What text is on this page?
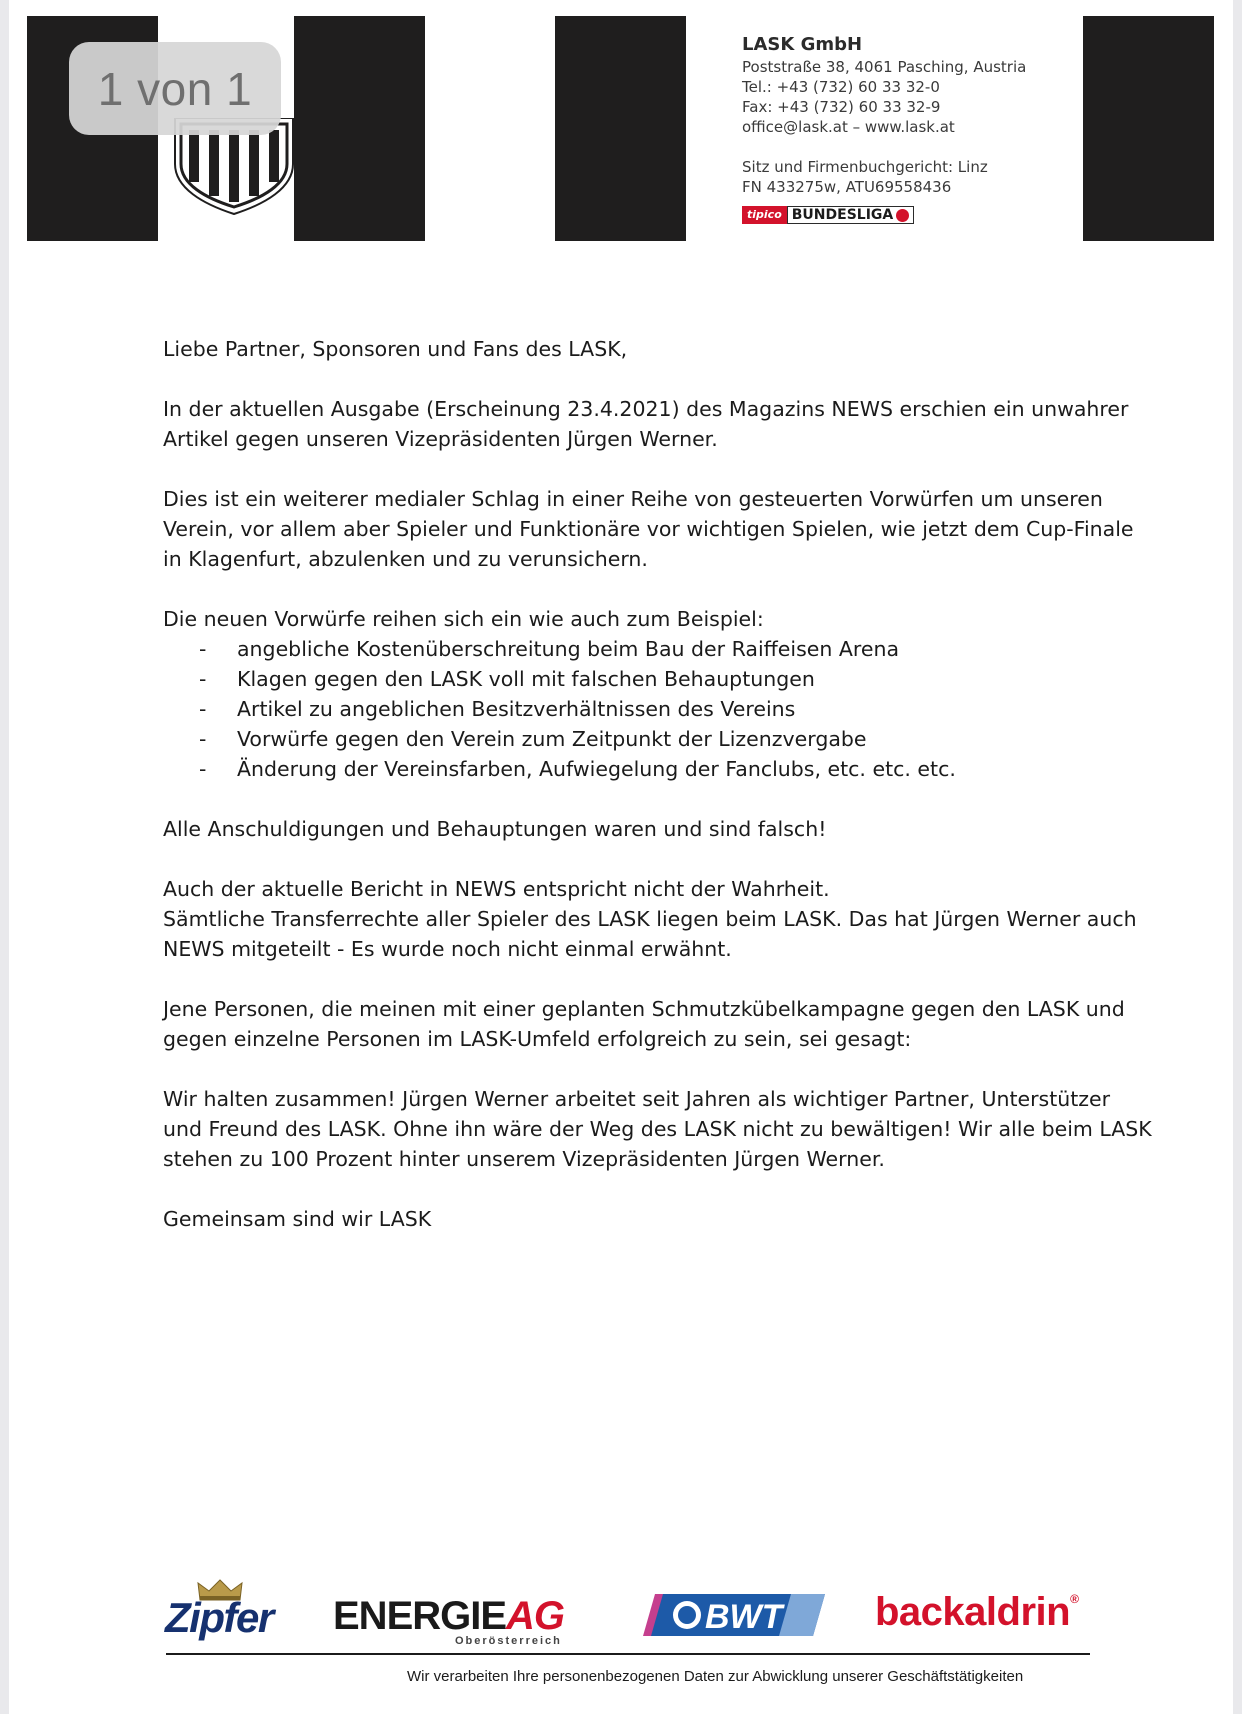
1 von 1
LASK GmbH
Poststraße 38, 4061 Pasching, Austria
Tel.: +43 (732) 60 33 32-0
Fax: +43 (732) 60 33 32-9
office@lask.at – www.lask.at
Sitz und Firmenbuchgericht: Linz
FN 433275w, ATU69558436
tipico BUNDESLIGA

Liebe Partner, Sponsoren und Fans des LASK,

In der aktuellen Ausgabe (Erscheinung 23.4.2021) des Magazins NEWS erschien ein unwahrer Artikel gegen unseren Vizepräsidenten Jürgen Werner.

Dies ist ein weiterer medialer Schlag in einer Reihe von gesteuerten Vorwürfen um unseren Verein, vor allem aber Spieler und Funktionäre vor wichtigen Spielen, wie jetzt dem Cup-Finale in Klagenfurt, abzulenken und zu verunsichern.

Die neuen Vorwürfe reihen sich ein wie auch zum Beispiel:
- angebliche Kostenüberschreitung beim Bau der Raiffeisen Arena
- Klagen gegen den LASK voll mit falschen Behauptungen
- Artikel zu angeblichen Besitzverhältnissen des Vereins
- Vorwürfe gegen den Verein zum Zeitpunkt der Lizenzvergabe
- Änderung der Vereinsfarben, Aufwiegelung der Fanclubs, etc. etc. etc.

Alle Anschuldigungen und Behauptungen waren und sind falsch!

Auch der aktuelle Bericht in NEWS entspricht nicht der Wahrheit.
Sämtliche Transferrechte aller Spieler des LASK liegen beim LASK. Das hat Jürgen Werner auch NEWS mitgeteilt - Es wurde noch nicht einmal erwähnt.

Jene Personen, die meinen mit einer geplanten Schmutzkübelkampagne gegen den LASK und gegen einzelne Personen im LASK-Umfeld erfolgreich zu sein, sei gesagt:

Wir halten zusammen! Jürgen Werner arbeitet seit Jahren als wichtiger Partner, Unterstützer und Freund des LASK. Ohne ihn wäre der Weg des LASK nicht zu bewältigen! Wir alle beim LASK stehen zu 100 Prozent hinter unserem Vizepräsidenten Jürgen Werner.

Gemeinsam sind wir LASK

Zipfer ENERGIEAG
Oberösterreich
BWT backaldrin®
Wir verarbeiten Ihre personenbezogenen Daten zur Abwicklung unserer Geschäftstätigkeiten
